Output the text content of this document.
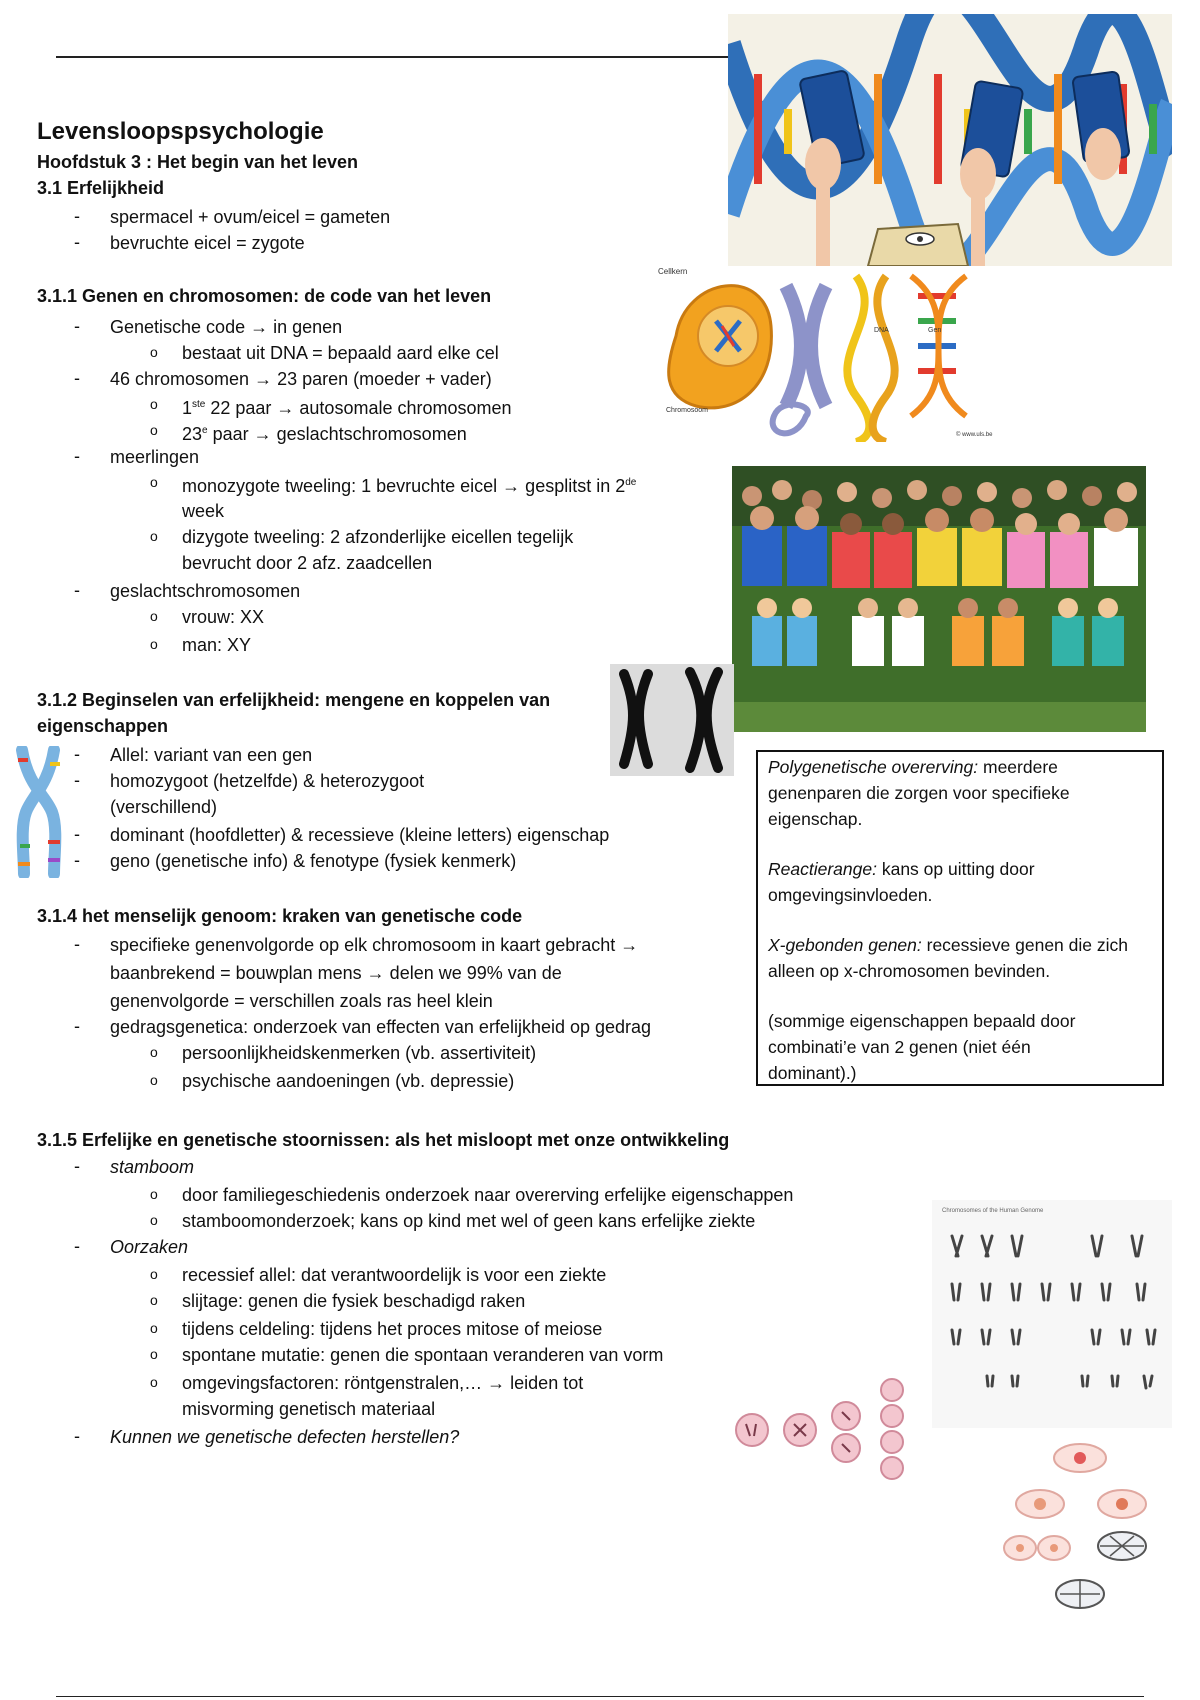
Cellkern
Chromosoom
DNA	Gen
© www.uls.be
Chromosomes of the Human Genome
Levensloopspsychologie
Hoofdstuk 3 : Het begin van het leven
3.1 Erfelijkheid
- spermacel + ovum/eicel = gameten
- bevruchte eicel = zygote
3.1.1 Genen en chromosomen: de code van het leven
- Genetische code → in genen
o bestaat uit DNA = bepaald aard elke cel
- 46 chromosomen → 23 paren (moeder + vader)
o 1ste 22 paar → autosomale chromosomen
o 23e paar → geslachtschromosomen
- meerlingen
o monozygote tweeling: 1 bevruchte eicel → gesplitst in 2de
week
o dizygote tweeling: 2 afzonderlijke eicellen tegelijk
bevrucht door 2 afz. zaadcellen
- geslachtschromosomen
o vrouw: XX
o man: XY
3.1.2 Beginselen van erfelijkheid: mengene en koppelen van
eigenschappen
- Allel: variant van een gen
- homozygoot (hetzelfde) & heterozygoot
(verschillend)
- dominant (hoofdletter) & recessieve (kleine letters) eigenschap
- geno (genetische info) & fenotype (fysiek kenmerk)
3.1.4 het menselijk genoom: kraken van genetische code
- specifieke genenvolgorde op elk chromosoom in kaart gebracht →
baanbrekend = bouwplan mens → delen we 99% van de
genenvolgorde = verschillen zoals ras heel klein
- gedragsgenetica: onderzoek van effecten van erfelijkheid op gedrag
o persoonlijkheidskenmerken (vb. assertiviteit)
o psychische aandoeningen (vb. depressie)
3.1.5 Erfelijke en genetische stoornissen: als het misloopt met onze ontwikkeling
- stamboom
o door familiegeschiedenis onderzoek naar overerving erfelijke eigenschappen
o stamboomonderzoek; kans op kind met wel of geen kans erfelijke ziekte
- Oorzaken
o recessief allel: dat verantwoordelijk is voor een ziekte
o slijtage: genen die fysiek beschadigd raken
o tijdens celdeling: tijdens het proces mitose of meiose
o spontane mutatie: genen die spontaan veranderen van vorm
o omgevingsfactoren: röntgenstralen,… → leiden tot
misvorming genetisch materiaal
- Kunnen we genetische defecten herstellen?

Polygenetische overerving: meerdere

genenparen die zorgen voor specifieke

eigenschap.

Reactierange: kans op uitting door

omgevingsinvloeden.

X-gebonden genen: recessieve genen die zich

alleen op x-chromosomen bevinden.

(sommige eigenschappen bepaald door

combinati’e van 2 genen (niet één

dominant).)
